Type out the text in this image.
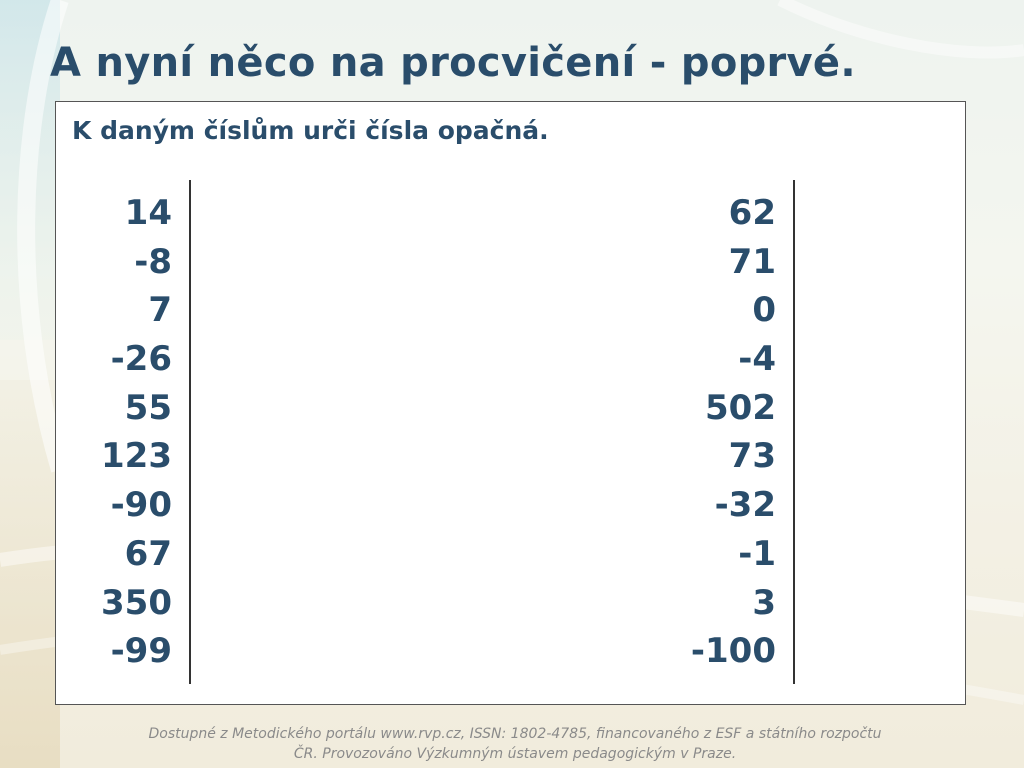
A nyní něco na procvičení - poprvé.
K daným číslům urči čísla opačná.
14
-8
7
-26
55
123
-90
67
350
-99
62
71
0
-4
502
73
-32
-1
3
-100
Dostupné z Metodického portálu www.rvp.cz, ISSN: 1802-4785, financovaného z ESF a státního rozpočtu
ČR. Provozováno Výzkumným ústavem pedagogickým v Praze.
